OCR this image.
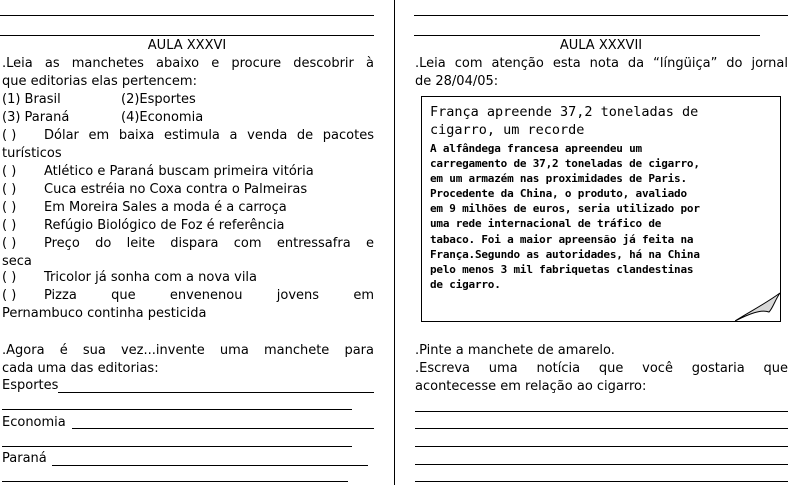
AULA XXXVI
.Leia as manchetes abaixo e procure descobrir à
que editorias elas pertencem:
(1) Brasil	(2)Esportes
(3) Paraná	(4)Economia
( ) Dólar em baixa estimula a venda de pacotes
turísticos
( ) Atlético e Paraná buscam primeira vitória
( ) Cuca estréia no Coxa contra o Palmeiras
( ) Em Moreira Sales a moda é a carroça
( ) Refúgio Biológico de Foz é referência
( ) Preço do leite dispara com entressafra e
seca
( ) Tricolor já sonha com a nova vila
( ) Pizza que envenenou jovens em
Pernambuco continha pesticida
.Agora é sua vez...invente uma manchete para
cada uma das editorias:
Esportes
Economia
Paraná
AULA XXXVII
.Leia com atenção esta nota da “língüiça” do jornal
de 28/04/05:
França apreende 37,2 toneladas de
cigarro, um recorde
A alfândega francesa apreendeu um
carregamento de 37,2 toneladas de cigarro,
em um armazém nas proximidades de Paris.
Procedente da China, o produto, avaliado
em 9 milhões de euros, seria utilizado por
uma rede internacional de tráfico de
tabaco. Foi a maior apreensão já feita na
França.Segundo as autoridades, há na China
pelo menos 3 mil fabriquetas clandestinas
de cigarro.
.Pinte a manchete de amarelo.
.Escreva uma notícia que você gostaria que
acontecesse em relação ao cigarro:
